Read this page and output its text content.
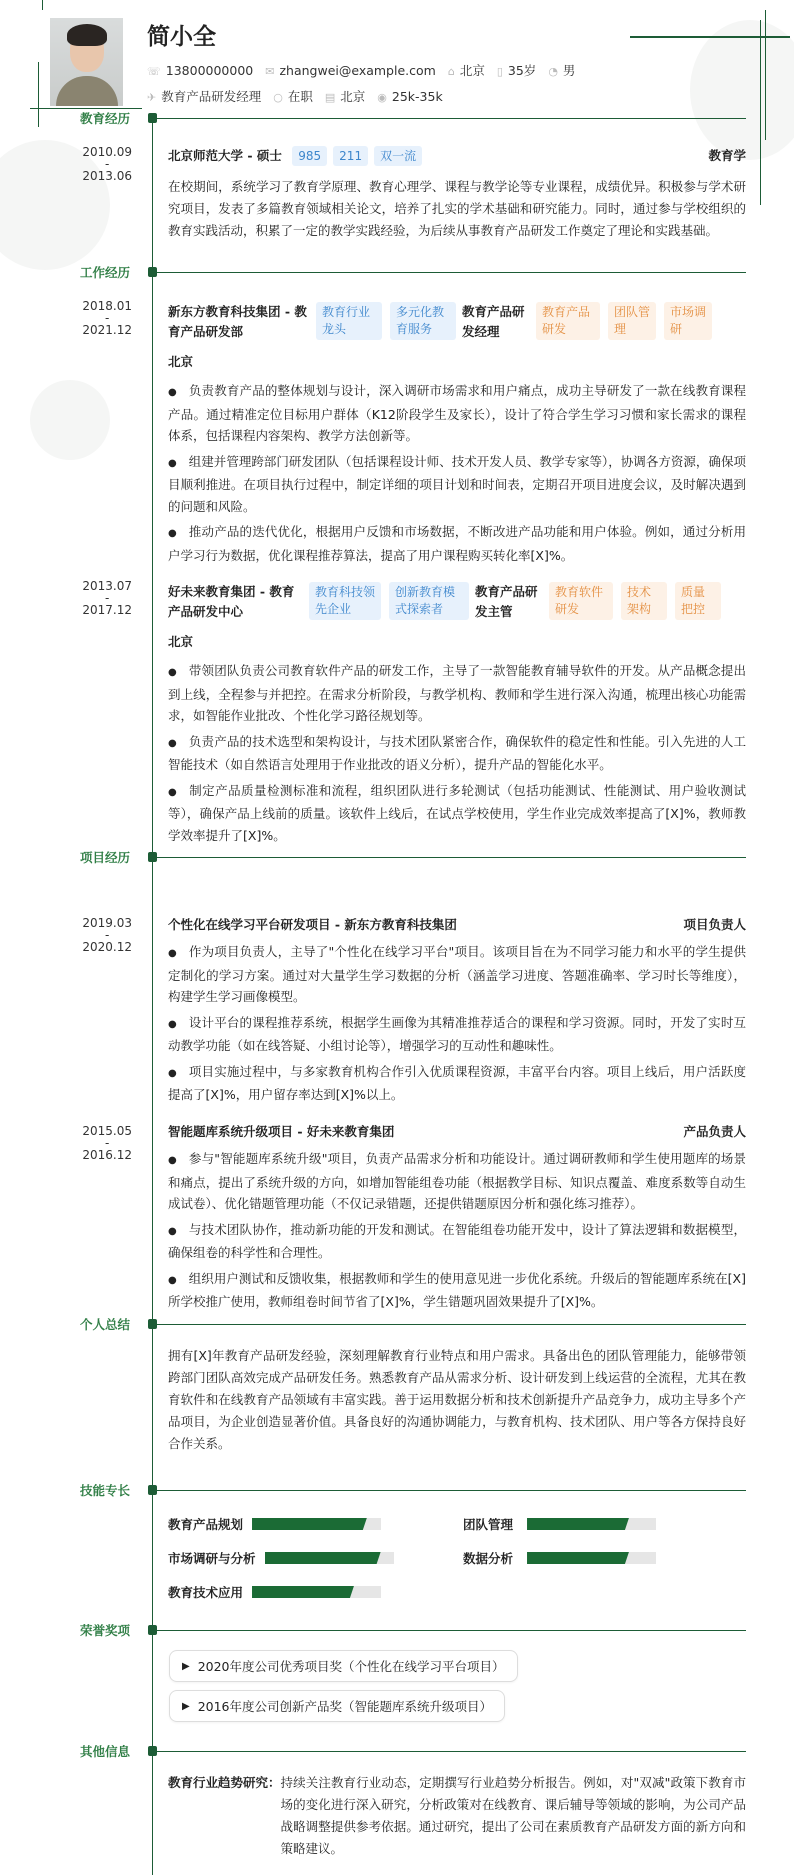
简小全
☏ 13800000000 ✉ zhangwei@example.com ⌂ 北京 ▯ 35岁 ◔ 男
✈ 教育产品研发经理 ○ 在职 ▤ 北京 ◉ 25k-35k
教育经历
工作经历
项目经历
个人总结
技能专长
荣誉奖项
其他信息
2010.09
-
2013.06
北京师范大学 - 硕士 985 211 双一流	教育学
在校期间，系统学习了教育学原理、教育心理学、课程与教学论等专业课程，成绩优异。积极参与学术研究项目，发表了多篇教育领域相关论文，培养了扎实的学术基础和研究能力。同时，通过参与学校组织的教育实践活动，积累了一定的教学实践经验，为后续从事教育产品研发工作奠定了理论和实践基础。
2018.01
-
2021.12
新东方教育科技集团 - 教育产品研发部
教育行业龙头
多元化教育服务
教育产品研发经理
教育产品研发
团队管理
市场调研
北京
● 负责教育产品的整体规划与设计，深入调研市场需求和用户痛点，成功主导研发了一款在线教育课程产品。通过精准定位目标用户群体（K12阶段学生及家长），设计了符合学生学习习惯和家长需求的课程体系，包括课程内容架构、教学方法创新等。
● 组建并管理跨部门研发团队（包括课程设计师、技术开发人员、教学专家等），协调各方资源，确保项目顺利推进。在项目执行过程中，制定详细的项目计划和时间表，定期召开项目进度会议，及时解决遇到的问题和风险。
● 推动产品的迭代优化，根据用户反馈和市场数据，不断改进产品功能和用户体验。例如，通过分析用户学习行为数据，优化课程推荐算法，提高了用户课程购买转化率[X]%。
2013.07
-
2017.12
好未来教育集团 - 教育产品研发中心
教育科技领先企业
创新教育模式探索者
教育产品研发主管
教育软件研发
技术架构
质量把控
北京
● 带领团队负责公司教育软件产品的研发工作，主导了一款智能教育辅导软件的开发。从产品概念提出到上线，全程参与并把控。在需求分析阶段，与教学机构、教师和学生进行深入沟通，梳理出核心功能需求，如智能作业批改、个性化学习路径规划等。
● 负责产品的技术选型和架构设计，与技术团队紧密合作，确保软件的稳定性和性能。引入先进的人工智能技术（如自然语言处理用于作业批改的语义分析），提升产品的智能化水平。
● 制定产品质量检测标准和流程，组织团队进行多轮测试（包括功能测试、性能测试、用户验收测试等），确保产品上线前的质量。该软件上线后，在试点学校使用，学生作业完成效率提高了[X]%，教师教学效率提升了[X]%。
2019.03
-
2020.12
个性化在线学习平台研发项目 - 新东方教育科技集团	项目负责人
● 作为项目负责人，主导了"个性化在线学习平台"项目。该项目旨在为不同学习能力和水平的学生提供定制化的学习方案。通过对大量学生学习数据的分析（涵盖学习进度、答题准确率、学习时长等维度），构建学生学习画像模型。
● 设计平台的课程推荐系统，根据学生画像为其精准推荐适合的课程和学习资源。同时，开发了实时互动教学功能（如在线答疑、小组讨论等），增强学习的互动性和趣味性。
● 项目实施过程中，与多家教育机构合作引入优质课程资源，丰富平台内容。项目上线后，用户活跃度提高了[X]%，用户留存率达到[X]%以上。
2015.05
-
2016.12
智能题库系统升级项目 - 好未来教育集团	产品负责人
● 参与"智能题库系统升级"项目，负责产品需求分析和功能设计。通过调研教师和学生使用题库的场景和痛点，提出了系统升级的方向，如增加智能组卷功能（根据教学目标、知识点覆盖、难度系数等自动生成试卷）、优化错题管理功能（不仅记录错题，还提供错题原因分析和强化练习推荐）。
● 与技术团队协作，推动新功能的开发和测试。在智能组卷功能开发中，设计了算法逻辑和数据模型，确保组卷的科学性和合理性。
● 组织用户测试和反馈收集，根据教师和学生的使用意见进一步优化系统。升级后的智能题库系统在[X]所学校推广使用，教师组卷时间节省了[X]%，学生错题巩固效果提升了[X]%。
拥有[X]年教育产品研发经验，深刻理解教育行业特点和用户需求。具备出色的团队管理能力，能够带领跨部门团队高效完成产品研发任务。熟悉教育产品从需求分析、设计研发到上线运营的全流程，尤其在教育软件和在线教育产品领域有丰富实践。善于运用数据分析和技术创新提升产品竞争力，成功主导多个产品项目，为企业创造显著价值。具备良好的沟通协调能力，与教育机构、技术团队、用户等各方保持良好合作关系。
教育产品规划	团队管理
市场调研与分析	数据分析
教育技术应用
▶ 2020年度公司优秀项目奖（个性化在线学习平台项目）
▶ 2016年度公司创新产品奖（智能题库系统升级项目）
教育行业趋势研究： 持续关注教育行业动态，定期撰写行业趋势分析报告。例如，对"双减"政策下教育市场的变化进行深入研究，分析政策对在线教育、课后辅导等领域的影响，为公司产品战略调整提供参考依据。通过研究，提出了公司在素质教育产品研发方面的新方向和策略建议。
